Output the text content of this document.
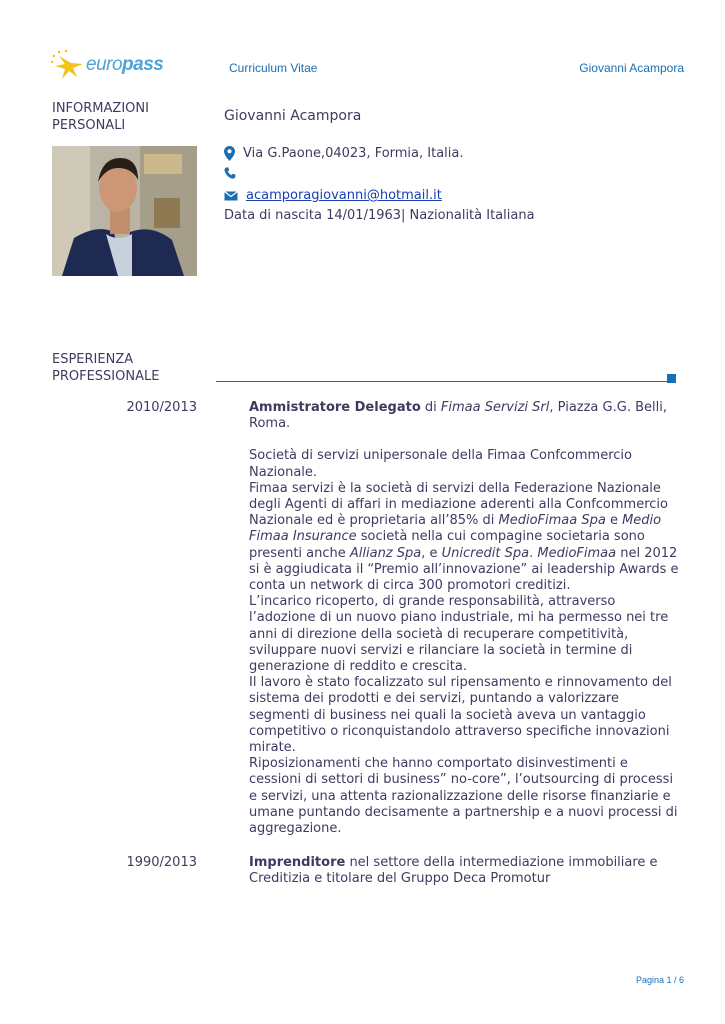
europass	Curriculum Vitae	Giovanni Acampora
INFORMAZIONI PERSONALI
Giovanni Acampora
Via G.Paone,04023, Formia, Italia.
acamporagiovanni@hotmail.it
Data di nascita 14/01/1963| Nazionalità Italiana
ESPERIENZA PROFESSIONALE
2010/2013	Ammistratore Delegato di Fimaa Servizi Srl, Piazza G.G. Belli, Roma.

Società di servizi unipersonale della Fimaa Confcommercio Nazionale.

Fimaa servizi è la società di servizi della Federazione Nazionale degli Agenti di affari in mediazione aderenti alla Confcommercio Nazionale ed è proprietaria all’85% di MedioFimaa Spa e Medio Fimaa Insurance società nella cui compagine societaria sono presenti anche Allianz Spa, e Unicredit Spa. MedioFimaa nel 2012 si è aggiudicata il “Premio all’innovazione” ai leadership Awards e conta un network di circa 300 promotori creditizi.

L’incarico ricoperto, di grande responsabilità, attraverso l’adozione di un nuovo piano industriale, mi ha permesso nei tre anni di direzione della società di recuperare competitività, sviluppare nuovi servizi e rilanciare la società in termine di generazione di reddito e crescita.

Il lavoro è stato focalizzato sul ripensamento e rinnovamento del sistema dei prodotti e dei servizi, puntando a valorizzare segmenti di business nei quali la società aveva un vantaggio competitivo o riconquistandolo attraverso specifiche innovazioni mirate.

Riposizionamenti che hanno comportato disinvestimenti e cessioni di settori di business” no-core”, l’outsourcing di processi e servizi, una attenta razionalizzazione delle risorse finanziarie e umane puntando decisamente a partnership e a nuovi processi di aggregazione.

1990/2013	Imprenditore nel settore della intermediazione immobiliare e Creditizia e titolare del Gruppo Deca Promotur

Pagina 1 / 6
